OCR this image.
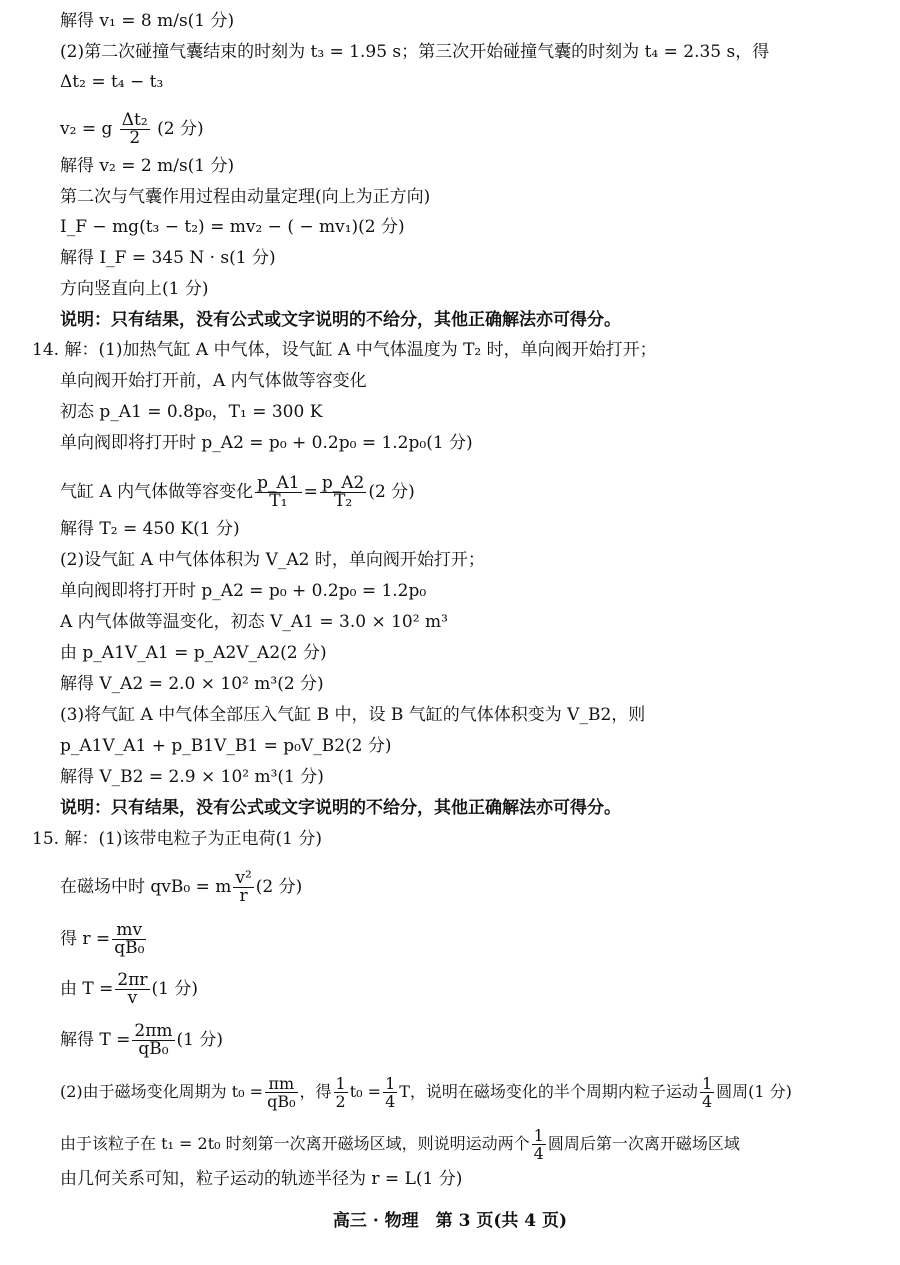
解得 v₁ = 8 m/s(1 分)
(2)第二次碰撞气囊结束的时刻为 t₃ = 1.95 s；第三次开始碰撞气囊的时刻为 t₄ = 2.35 s，得
Δt₂ = t₄ − t₃
v₂ = g $\frac{\text{Δt₂}}{2} (2$ 分)
解得 v₂ = 2 m/s(1 分)
第二次与气囊作用过程由动量定理(向上为正方向)
I_F − mg(t₃ − t₂) = mv₂ − ( − mv₁)(2 分)
解得 I_F = 345 N · s(1 分)
方向竖直向上(1 分)
说明：只有结果，没有公式或文字说明的不给分，其他正确解法亦可得分。
14. 解：(1)加热气缸 A 中气体，设气缸 A 中气体温度为 T₂ 时，单向阀开始打开；
单向阀开始打开前，A 内气体做等容变化
初态 p_A1 = 0.8p₀，T₁ = 300 K
单向阀即将打开时 p_A2 = p₀ + 0.2p₀ = 1.2p₀(1 分)
气缸 A 内气体做等容变化 $\frac{p\_A1}{\text{T₁}} = \frac{p\_A2}{\text{T₂}} (2$ 分)
解得 T₂ = 450 K(1 分)
(2)设气缸 A 中气体体积为 V_A2 时，单向阀开始打开；
单向阀即将打开时 p_A2 = p₀ + 0.2p₀ = 1.2p₀
A 内气体做等温变化，初态 V_A1 = 3.0 × 10² m³
由 p_A1V_A1 = p_A2V_A2(2 分)
解得 V_A2 = 2.0 × 10² m³(2 分)
(3)将气缸 A 中气体全部压入气缸 B 中，设 B 气缸的气体体积变为 V_B2，则
p_A1V_A1 + p_B1V_B1 = p₀V_B2(2 分)
解得 V_B2 = 2.9 × 10² m³(1 分)
说明：只有结果，没有公式或文字说明的不给分，其他正确解法亦可得分。
15. 解：(1)该带电粒子为正电荷(1 分)
在磁场中时 qvB₀ = m $\frac{\text{v²}}{r} (2$ 分)
得 $r = \frac{mv}{\text{qB₀}}$
由 $T = \frac{2\pi r}{v} (1$ 分)
解得 $T = \frac{2\pi m}{\text{qB₀}} (1$ 分)
(2)由于磁场变化周期为 $t_0 = \frac{\pi m}{\text{qB₀}}$ ，得 $\frac{1}{2} t_0 = \frac{1}{4}$ T，说明在磁场变化的半个周期内粒子运动 $\frac{1}{4}$ 圆周(1 分)
由于该粒子在 t₁ = 2t₀ 时刻第一次离开磁场区域，则说明运动两个 $\frac{1}{4}$ 圆周后第一次离开磁场区域
由几何关系可知，粒子运动的轨迹半径为 r = L(1 分)
高三 · 物理　第 3 页(共 4 页)
